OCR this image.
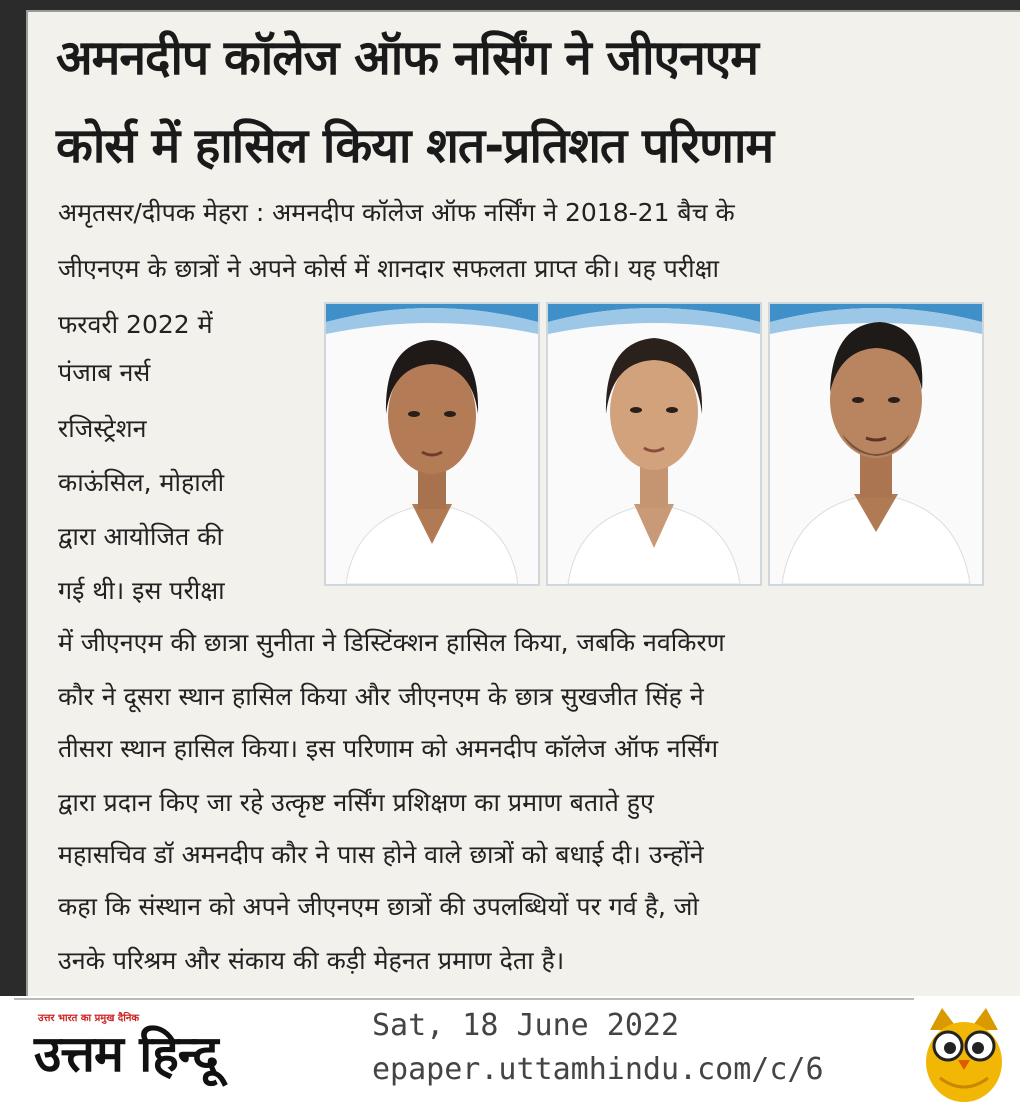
अमनदीप कॉलेज ऑफ नर्सिंग ने जीएनएम
कोर्स में हासिल किया शत-प्रतिशत परिणाम
अमृतसर/दीपक मेहरा : अमनदीप कॉलेज ऑफ नर्सिंग ने 2018-21 बैच के
जीएनएम के छात्रों ने अपने कोर्स में शानदार सफलता प्राप्त की। यह परीक्षा
फरवरी 2022 में
पंजाब नर्स
रजिस्ट्रेशन
काऊंसिल, मोहाली
द्वारा आयोजित की
गई थी। इस परीक्षा
में जीएनएम की छात्रा सुनीता ने डिस्टिंक्शन हासिल किया, जबकि नवकिरण
कौर ने दूसरा स्थान हासिल किया और जीएनएम के छात्र सुखजीत सिंह ने
तीसरा स्थान हासिल किया। इस परिणाम को अमनदीप कॉलेज ऑफ नर्सिंग
द्वारा प्रदान किए जा रहे उत्कृष्ट नर्सिंग प्रशिक्षण का प्रमाण बताते हुए
महासचिव डॉ अमनदीप कौर ने पास होने वाले छात्रों को बधाई दी। उन्होंने
कहा कि संस्थान को अपने जीएनएम छात्रों की उपलब्धियों पर गर्व है, जो
उनके परिश्रम और संकाय की कड़ी मेहनत प्रमाण देता है।
उत्तर भारत का प्रमुख दैनिक
उत्तम हिन्दू	Sat, 18 June 2022
epaper.uttamhindu.com/c/6
